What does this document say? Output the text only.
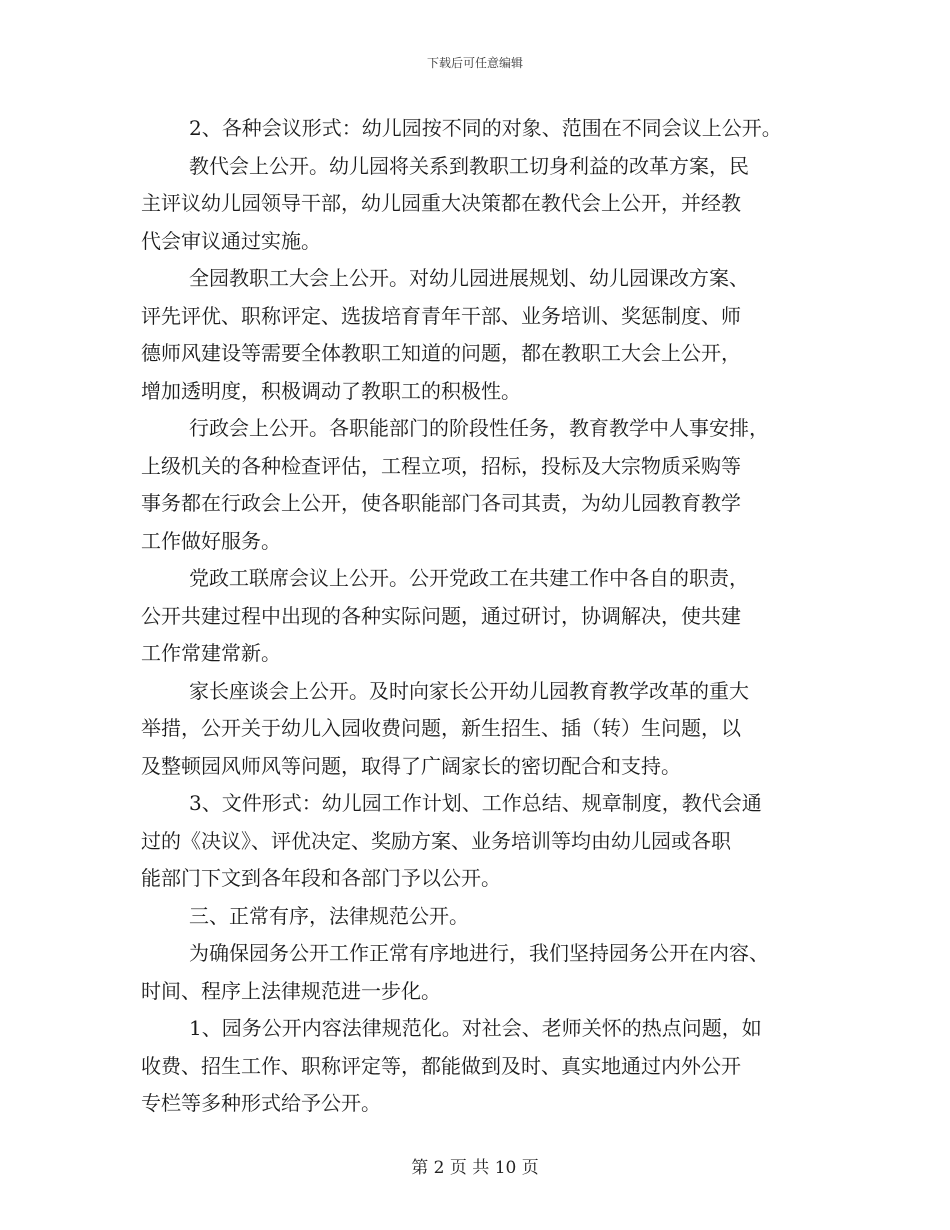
下载后可任意编辑
2、各种会议形式：幼儿园按不同的对象、范围在不同会议上公开。
教代会上公开。幼儿园将关系到教职工切身利益的改革方案，民
主评议幼儿园领导干部，幼儿园重大决策都在教代会上公开，并经教
代会审议通过实施。
全园教职工大会上公开。对幼儿园进展规划、幼儿园课改方案、
评先评优、职称评定、选拔培育青年干部、业务培训、奖惩制度、师
德师风建设等需要全体教职工知道的问题，都在教职工大会上公开，
增加透明度，积极调动了教职工的积极性。
行政会上公开。各职能部门的阶段性任务，教育教学中人事安排，
上级机关的各种检查评估，工程立项，招标，投标及大宗物质采购等
事务都在行政会上公开，使各职能部门各司其责，为幼儿园教育教学
工作做好服务。
党政工联席会议上公开。公开党政工在共建工作中各自的职责，
公开共建过程中出现的各种实际问题，通过研讨，协调解决，使共建
工作常建常新。
家长座谈会上公开。及时向家长公开幼儿园教育教学改革的重大
举措，公开关于幼儿入园收费问题，新生招生、插（转）生问题，以
及整顿园风师风等问题，取得了广阔家长的密切配合和支持。
3、文件形式：幼儿园工作计划、工作总结、规章制度，教代会通
过的《决议》、评优决定、奖励方案、业务培训等均由幼儿园或各职
能部门下文到各年段和各部门予以公开。
三、正常有序，法律规范公开。
为确保园务公开工作正常有序地进行，我们坚持园务公开在内容、
时间、程序上法律规范进一步化。
1、园务公开内容法律规范化。对社会、老师关怀的热点问题，如
收费、招生工作、职称评定等，都能做到及时、真实地通过内外公开
专栏等多种形式给予公开。
第 2 页 共 10 页
